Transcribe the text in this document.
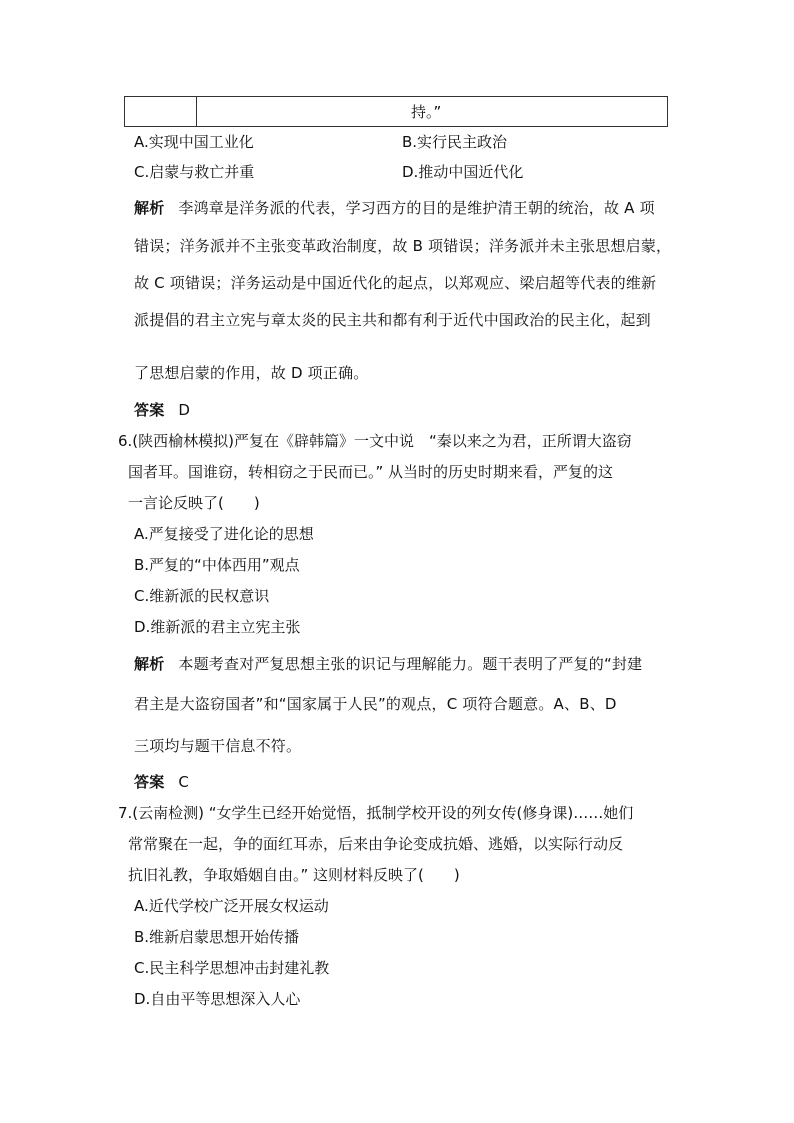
持。”
A.实现中国工业化	B.实行民主政治
C.启蒙与救亡并重	D.推动中国近代化
解析 李鸿章是洋务派的代表，学习西方的目的是维护清王朝的统治，故 A 项
错误；洋务派并不主张变革政治制度，故 B 项错误；洋务派并未主张思想启蒙，
故 C 项错误；洋务运动是中国近代化的起点，以郑观应、梁启超等代表的维新
派提倡的君主立宪与章太炎的民主共和都有利于近代中国政治的民主化，起到
了思想启蒙的作用，故 D 项正确。
答案 D
6.(陕西榆林模拟)严复在《辟韩篇》一文中说　“秦以来之为君，正所谓大盗窃
国者耳。国谁窃，转相窃之于民而已。” 从当时的历史时期来看，严复的这
一言论反映了(　　)
A.严复接受了进化论的思想
B.严复的“中体西用”观点
C.维新派的民权意识
D.维新派的君主立宪主张
解析 本题考查对严复思想主张的识记与理解能力。题干表明了严复的“封建
君主是大盗窃国者”和“国家属于人民”的观点，C 项符合题意。A、B、D
三项均与题干信息不符。
答案 C
7.(云南检测) “女学生已经开始觉悟，抵制学校开设的列女传(修身课)……她们
常常聚在一起，争的面红耳赤，后来由争论变成抗婚、逃婚，以实际行动反
抗旧礼教，争取婚姻自由。” 这则材料反映了(　　)
A.近代学校广泛开展女权运动
B.维新启蒙思想开始传播
C.民主科学思想冲击封建礼教
D.自由平等思想深入人心
